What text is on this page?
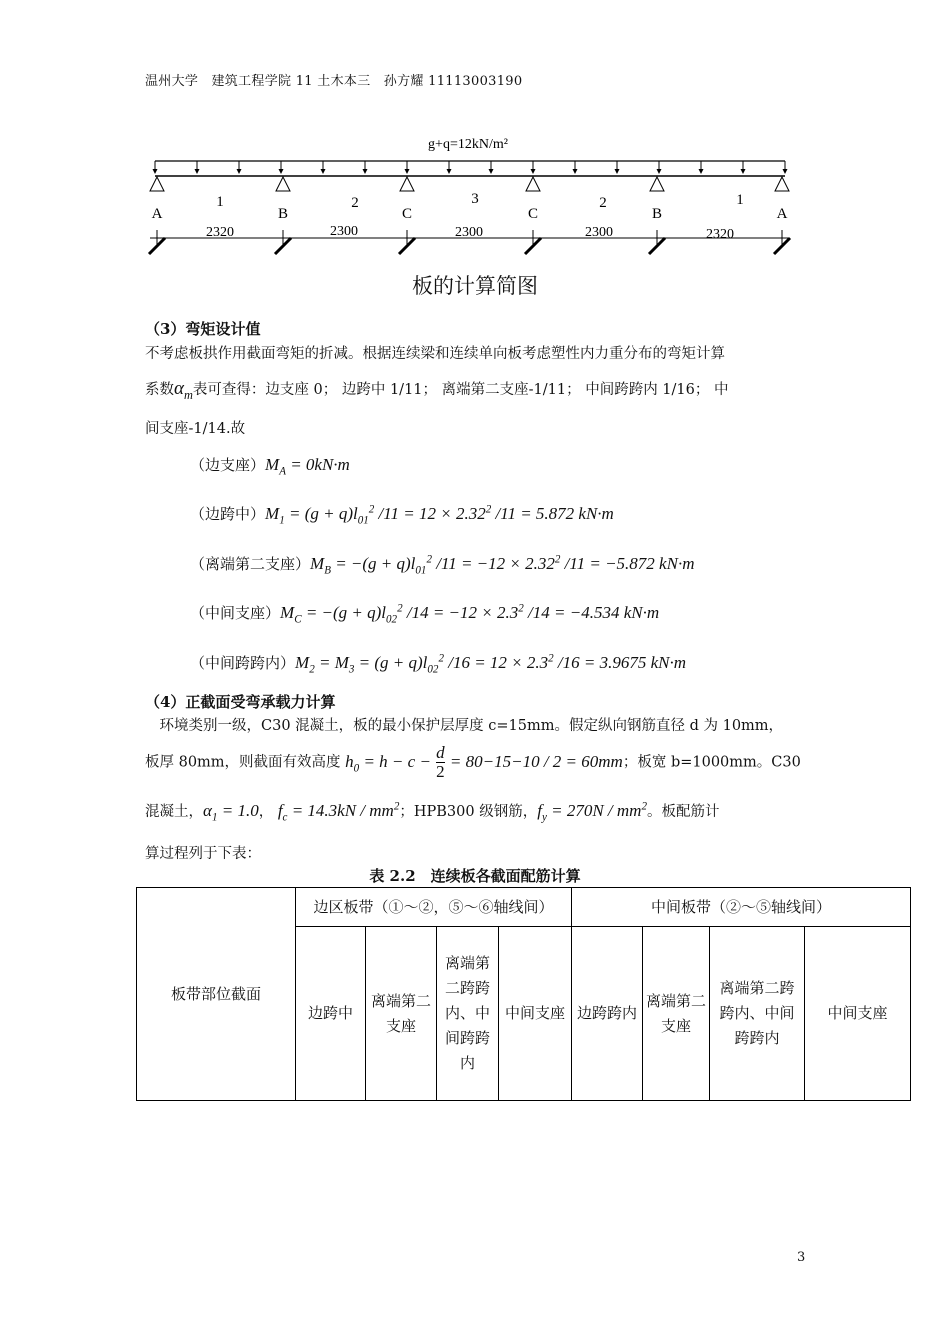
温州大学　建筑工程学院 11 土木本三　孙方耀 11113003190
g+q=12kN/m²
A	B	C	C	B	A
1	2	3	2	1
2320	2300	2300	2300	2320
板的计算简图
（3）弯矩设计值
不考虑板拱作用截面弯矩的折减。根据连续梁和连续单向板考虑塑性内力重分布的弯矩计算
系数$\alpha_m$表可查得：边支座 0； 边跨中 1/11； 离端第二支座-1/11； 中间跨跨内 1/16； 中
间支座-1/14.故
（边支座）$M_A = 0kN\cdot m$
（边跨中）$M_1 = (g + q)l_{01}^2$ $/11 = 12 \times 2.32^2$ /11 = 5.872 kN·m
（离端第二支座）$M_B = -(g + q)l_{01}^2$ $/11 = -12 \times 2.32^2$ /11 = −5.872 kN·m
（中间支座）$M_C = -(g + q)l_{02}^2$ $/14 = -12 \times 2.3^2$ /14 = −4.534 kN·m
（中间跨跨内）$M_2 = M_3 = (g + q)l_{02}^2$ $/16 = 12 \times 2.3^2$ /16 = 3.9675 kN·m
（4）正截面受弯承载力计算
　环境类别一级，C30 混凝土，板的最小保护层厚度 c=15mm。假定纵向钢筋直径 d 为 10mm，
板厚 80mm，则截面有效高度 $h_0 = h - c - \frac{d}{2} = 80-15-10 / 2 = 60mm$；板宽 b=1000mm。C30
混凝土，$\alpha_1 = 1.0$， $f_c = 14.3kN / mm^2$；HPB300 级钢筋，$f_y = 270N / mm^2$。板配筋计
算过程列于下表：
表 2.2　连续板各截面配筋计算
板带部位截面	边区板带（①～②，⑤～⑥轴线间）				中间板带（②～⑤轴线间）			
	边跨中	离端第二支座	离端第二跨跨内、中间跨跨内	中间支座	边跨跨内	离端第二支座	离端第二跨跨内、中间跨跨内	中间支座
3
